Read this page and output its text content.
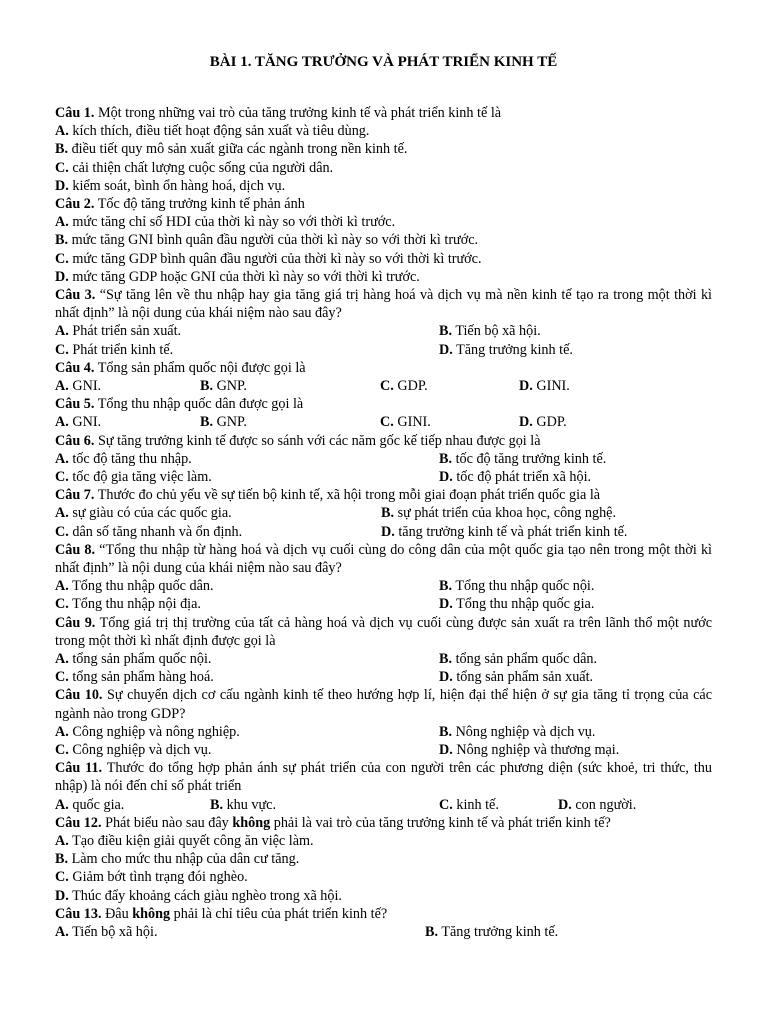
BÀI 1. TĂNG TRƯỞNG VÀ PHÁT TRIỂN KINH TẾ
Câu 1. Một trong những vai trò của tăng trưởng kinh tế và phát triển kinh tế là
A. kích thích, điều tiết hoạt động sản xuất và tiêu dùng.
B. điều tiết quy mô sản xuất giữa các ngành trong nền kinh tế.
C. cải thiện chất lượng cuộc sống của người dân.
D. kiểm soát, bình ổn hàng hoá, dịch vụ.
Câu 2. Tốc độ tăng trưởng kinh tế phản ánh
A. mức tăng chỉ số HDI của thời kì này so với thời kì trước.
B. mức tăng GNI bình quân đầu người của thời kì này so với thời kì trước.
C. mức tăng GDP bình quân đầu người của thời kì này so với thời kì trước.
D. mức tăng GDP hoặc GNI của thời kì này so với thời kì trước.
Câu 3. “Sự tăng lên về thu nhập hay gia tăng giá trị hàng hoá và dịch vụ mà nền kinh tế tạo ra trong một thời kì nhất định” là nội dung của khái niệm nào sau đây?
A. Phát triển sản xuất.	B. Tiến bộ xã hội.
C. Phát triển kinh tế.	D. Tăng trưởng kinh tế.
Câu 4. Tổng sản phẩm quốc nội được gọi là
A. GNI.	B. GNP.	C. GDP.	D. GINI.
Câu 5. Tổng thu nhập quốc dân được gọi là
A. GNI.	B. GNP.	C. GINI.	D. GDP.
Câu 6. Sự tăng trưởng kinh tế được so sánh với các năm gốc kế tiếp nhau được gọi là
A. tốc độ tăng thu nhập.	B. tốc độ tăng trưởng kinh tế.
C. tốc độ gia tăng việc làm.	D. tốc độ phát triển xã hội.
Câu 7. Thước đo chủ yếu về sự tiến bộ kinh tế, xã hội trong mỗi giai đoạn phát triển quốc gia là
A. sự giàu có của các quốc gia.	B. sự phát triển của khoa học, công nghệ.
C. dân số tăng nhanh và ổn định.	D. tăng trưởng kinh tế và phát triển kinh tế.
Câu 8. “Tổng thu nhập từ hàng hoá và dịch vụ cuối cùng do công dân của một quốc gia tạo nên trong một thời kì nhất định” là nội dung của khái niệm nào sau đây?
A. Tổng thu nhập quốc dân.	B. Tổng thu nhập quốc nội.
C. Tổng thu nhập nội địa.	D. Tổng thu nhập quốc gia.
Câu 9. Tổng giá trị thị trường của tất cả hàng hoá và dịch vụ cuối cùng được sản xuất ra trên lãnh thổ một nước trong một thời kì nhất định được gọi là
A. tổng sản phẩm quốc nội.	B. tổng sản phẩm quốc dân.
C. tổng sản phẩm hàng hoá.	D. tổng sản phẩm sản xuất.
Câu 10. Sự chuyển dịch cơ cấu ngành kinh tế theo hướng hợp lí, hiện đại thể hiện ở sự gia tăng tỉ trọng của các ngành nào trong GDP?
A. Công nghiệp và nông nghiệp.	B. Nông nghiệp và dịch vụ.
C. Công nghiệp và dịch vụ.	D. Nông nghiệp và thương mại.
Câu 11. Thước đo tổng hợp phản ánh sự phát triển của con người trên các phương diện (sức khoẻ, tri thức, thu nhập) là nói đến chỉ số phát triển
A. quốc gia.	B. khu vực.	C. kinh tế.	D. con người.
Câu 12. Phát biểu nào sau đây không phải là vai trò của tăng trưởng kinh tế và phát triển kinh tế?
A. Tạo điều kiện giải quyết công ăn việc làm.
B. Làm cho mức thu nhập của dân cư tăng.
C. Giảm bớt tình trạng đói nghèo.
D. Thúc đẩy khoảng cách giàu nghèo trong xã hội.
Câu 13. Đâu không phải là chỉ tiêu của phát triển kinh tế?
A. Tiến bộ xã hội.	B. Tăng trưởng kinh tế.
